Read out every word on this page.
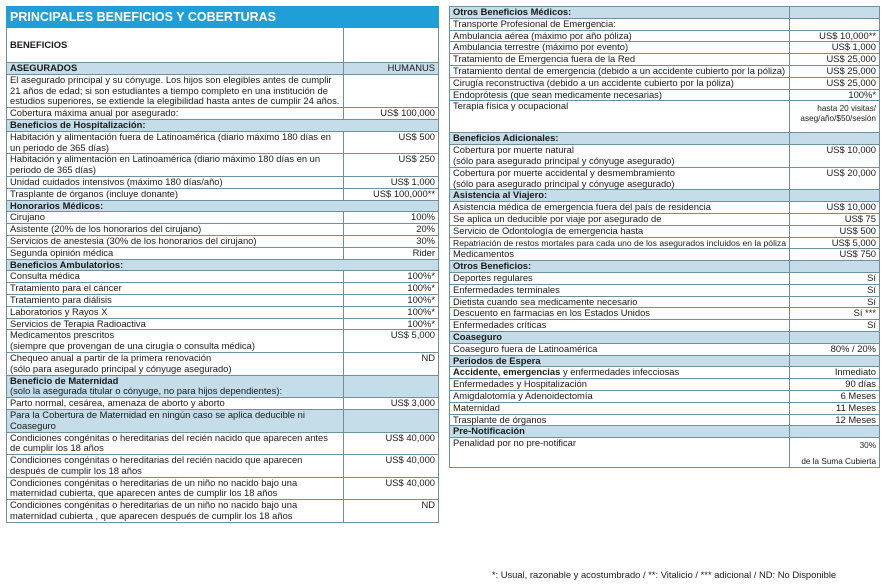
PRINCIPALES BENEFICIOS Y COBERTURAS	
BENEFICIOS	
ASEGURADOS	HUMANUS
El asegurado principal y su cónyuge. Los hijos son elegibles antes de cumplir 21 años de edad; si son estudiantes a tiempo completo en una institución de estudios superiores, se extiende la elegibilidad hasta antes de cumplir 24 años.	
Cobertura máxima anual por asegurado:	US$ 100,000
Beneficios de Hospitalización:	
Habitación y alimentación fuera de Latinoamérica (diario máximo 180 días en un periodo de 365 días)	US$ 500
Habitación y alimentación en Latinoamérica (diario máximo 180 días en un periodo de 365 días)	US$ 250
Unidad cuidados intensivos (máximo 180 días/año)	US$ 1,000
Trasplante de órganos (incluye donante)	US$ 100,000**
Honorarios Médicos:	
Cirujano	100%
Asistente (20% de los honorarios del cirujano)	20%
Servicios de anestesia (30% de los honorarios del cirujano)	30%
Segunda opinión médica	Rider
Beneficios Ambulatorios:	
Consulta médica	100%*
Tratamiento para el cáncer	100%*
Tratamiento para diálisis	100%*
Laboratorios y Rayos X	100%*
Servicios de Terapia Radioactiva	100%*

Medicamentos prescritos
(siempre que provengan de una cirugía o consulta médica)	US$ 5,000

Chequeo anual a partir de la primera renovación
(sólo para asegurado principal y cónyuge asegurado)	ND

Beneficio de Maternidad
(solo la asegurada titular o cónyuge, no para hijos dependientes):	

Parto normal, cesárea, amenaza de aborto y aborto	US$ 3,000
Para la Cobertura de Maternidad en ningún caso se aplica deducible ni Coaseguro	
Condiciones congénitas o hereditarias del recién nacido que aparecen antes de cumplir los 18 años	US$ 40,000
Condiciones congénitas o hereditarias del recién nacido que aparecen después de cumplir los 18 años	US$ 40,000
Condiciones congénitas o hereditarias de un niño no nacido bajo una maternidad cubierta, que aparecen antes de cumplir los 18 años	US$ 40,000
Condiciones congénitas o hereditarias de un niño no nacido bajo una maternidad cubierta , que aparecen después de cumplir los 18 años	ND
Otros Beneficios Médicos:	
Transporte Profesional de Emergencia:	
Ambulancia aérea (máximo por año póliza)	US$ 10,000**
Ambulancia terrestre (máximo por evento)	US$ 1,000
Tratamiento de Emergencia fuera de la Red	US$ 25,000
Tratamiento dental de emergencia (debido a un accidente cubierto por la póliza)	US$ 25,000
Cirugía reconstructiva (debido a un accidente cubierto por la póliza)	US$ 25,000
Endoprótesis (que sean medicamente necesarias)	100%*
Terapia física y ocupacional	hasta 20 visitas/ aseg/año/$50/sesión
Beneficios Adicionales:	

Cobertura por muerte natural
(sólo para asegurado principal y cónyuge asegurado)	US$ 10,000

Cobertura por muerte accidental y desmembramiento
(sólo para asegurado principal y cónyuge asegurado)	US$ 20,000
Asistencia al Viajero:	
Asistencia médica de emergencia fuera del país de residencia	US$ 10,000
Se aplica un deducible por viaje por asegurado de	US$ 75
Servicio de Odontología de emergencia hasta	US$ 500
Repatriación de restos mortales para cada uno de los asegurados incluidos en la póliza	US$ 5,000
Medicamentos	US$ 750
Otros Beneficios:	
Deportes regulares	Sí
Enfermedades terminales	Sí
Dietista cuando sea medicamente necesario	Sí
Descuento en farmacias en los Estados Unidos	Sí ***
Enfermedades críticas	Sí
Coaseguro	
Coaseguro fuera de Latinoamérica	80% / 20%
Periodos de Espera	
Accidente, emergencias y enfermedades infecciosas	Inmediato
Enfermedades y Hospitalización	90 días
Amigdalotomía y Adenoidectomía	6 Meses
Maternidad	11 Meses
Trasplante de órganos	12 Meses
Pre-Notificación	
Penalidad por no pre-notificar	30%
de la Suma Cubierta
*: Usual, razonable y acostumbrado / **: Vitalicio / *** adicional / ND: No Disponible
